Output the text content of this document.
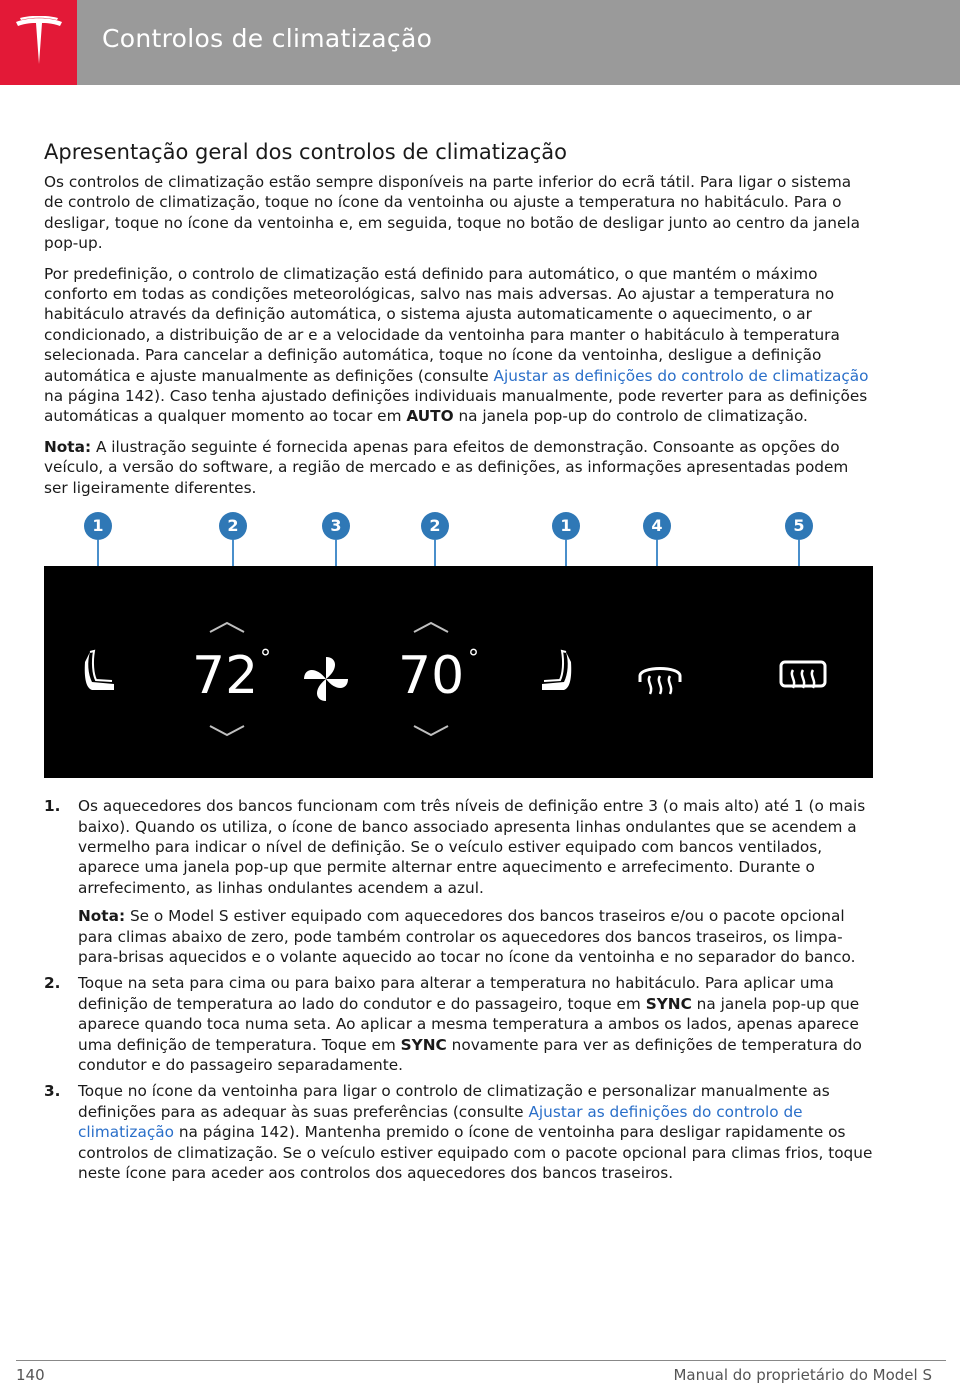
Controlos de climatização
Apresentação geral dos controlos de climatização

Os controlos de climatização estão sempre disponíveis na parte inferior do ecrã tátil. Para ligar o sistema de controlo de climatização, toque no ícone da ventoinha ou ajuste a temperatura no habitáculo. Para o desligar, toque no ícone da ventoinha e, em seguida, toque no botão de desligar junto ao centro da janela pop-up.

Por predefinição, o controlo de climatização está definido para automático, o que mantém o máximo conforto em todas as condições meteorológicas, salvo nas mais adversas. Ao ajustar a temperatura no habitáculo através da definição automática, o sistema ajusta automaticamente o aquecimento, o ar condicionado, a distribuição de ar e a velocidade da ventoinha para manter o habitáculo à temperatura selecionada. Para cancelar a definição automática, toque no ícone da ventoinha, desligue a definição automática e ajuste manualmente as definições (consulte Ajustar as definições do controlo de climatização na página 142). Caso tenha ajustado definições individuais manualmente, pode reverter para as definições automáticas a qualquer momento ao tocar em AUTO na janela pop-up do controlo de climatização.

Nota: A ilustração seguinte é fornecida apenas para efeitos de demonstração. Consoante as opções do veículo, a versão do software, a região de mercado e as definições, as informações apresentadas podem ser ligeiramente diferentes.

1	2	3	2	1	4	5
72 ° 70 °
1. Os aquecedores dos bancos funcionam com três níveis de definição entre 3 (o mais alto) até 1 (o mais baixo). Quando os utiliza, o ícone de banco associado apresenta linhas ondulantes que se acendem a vermelho para indicar o nível de definição. Se o veículo estiver equipado com bancos ventilados, aparece uma janela pop-up que permite alternar entre aquecimento e arrefecimento. Durante o arrefecimento, as linhas ondulantes acendem a azul.

Nota: Se o Model S estiver equipado com aquecedores dos bancos traseiros e/ou o pacote opcional para climas abaixo de zero, pode também controlar os aquecedores dos bancos traseiros, os limpa-para-brisas aquecidos e o volante aquecido ao tocar no ícone da ventoinha e no separador do banco.

2. Toque na seta para cima ou para baixo para alterar a temperatura no habitáculo. Para aplicar uma definição de temperatura ao lado do condutor e do passageiro, toque em SYNC na janela pop-up que aparece quando toca numa seta. Ao aplicar a mesma temperatura a ambos os lados, apenas aparece uma definição de temperatura. Toque em SYNC novamente para ver as definições de temperatura do condutor e do passageiro separadamente.
3. Toque no ícone da ventoinha para ligar o controlo de climatização e personalizar manualmente as definições para as adequar às suas preferências (consulte Ajustar as definições do controlo de climatização na página 142). Mantenha premido o ícone de ventoinha para desligar rapidamente os controlos de climatização. Se o veículo estiver equipado com o pacote opcional para climas frios, toque neste ícone para aceder aos controlos dos aquecedores dos bancos traseiros.
140	Manual do proprietário do Model S
